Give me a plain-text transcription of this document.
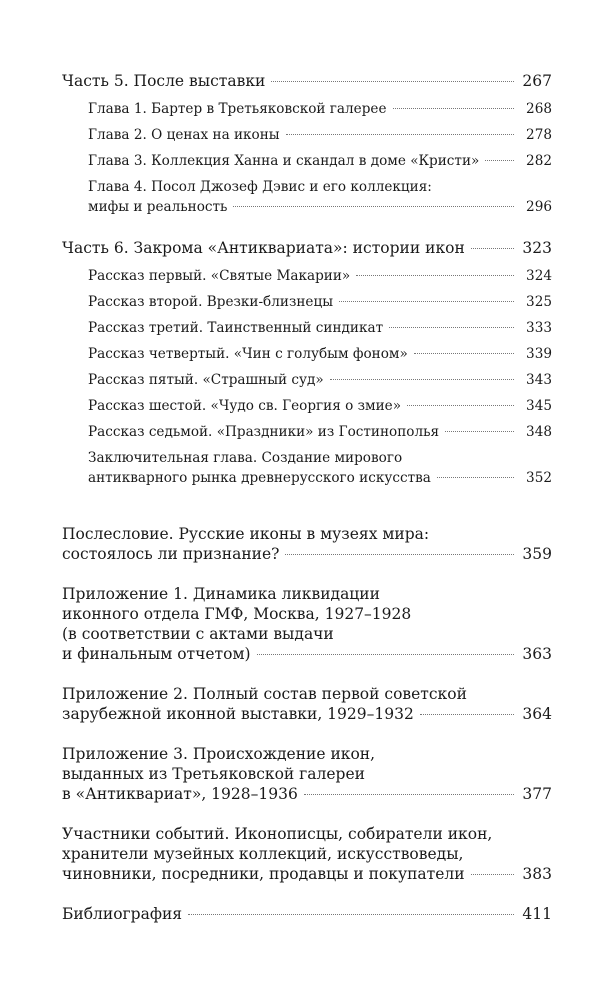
Часть 5. После выставки	267
Глава 1. Бартер в Третьяковской галерее	268
Глава 2. О ценах на иконы	278
Глава 3. Коллекция Ханна и скандал в доме «Кристи»	282
Глава 4. Посол Джозеф Дэвис и его коллекция:
мифы и реальность	296
Часть 6. Закрома «Антиквариата»: истории икон	323
Рассказ первый. «Святые Макарии»	324
Рассказ второй. Врезки-близнецы	325
Рассказ третий. Таинственный синдикат	333
Рассказ четвертый. «Чин с голубым фоном»	339
Рассказ пятый. «Страшный суд»	343
Рассказ шестой. «Чудо св. Георгия о змие»	345
Рассказ седьмой. «Праздники» из Гостинополья	348
Заключительная глава. Создание мирового
антикварного рынка древнерусского искусства	352
Послесловие. Русские иконы в музеях мира:
состоялось ли признание?	359
Приложение 1. Динамика ликвидации
иконного отдела ГМФ, Москва, 1927–1928
(в соответствии с актами выдачи
и финальным отчетом)	363
Приложение 2. Полный состав первой советской
зарубежной иконной выставки, 1929–1932	364
Приложение 3. Происхождение икон,
выданных из Третьяковской галереи
в «Антиквариат», 1928–1936	377
Участники событий. Иконописцы, собиратели икон,
хранители музейных коллекций, искусствоведы,
чиновники, посредники, продавцы и покупатели	383
Библиография	411
